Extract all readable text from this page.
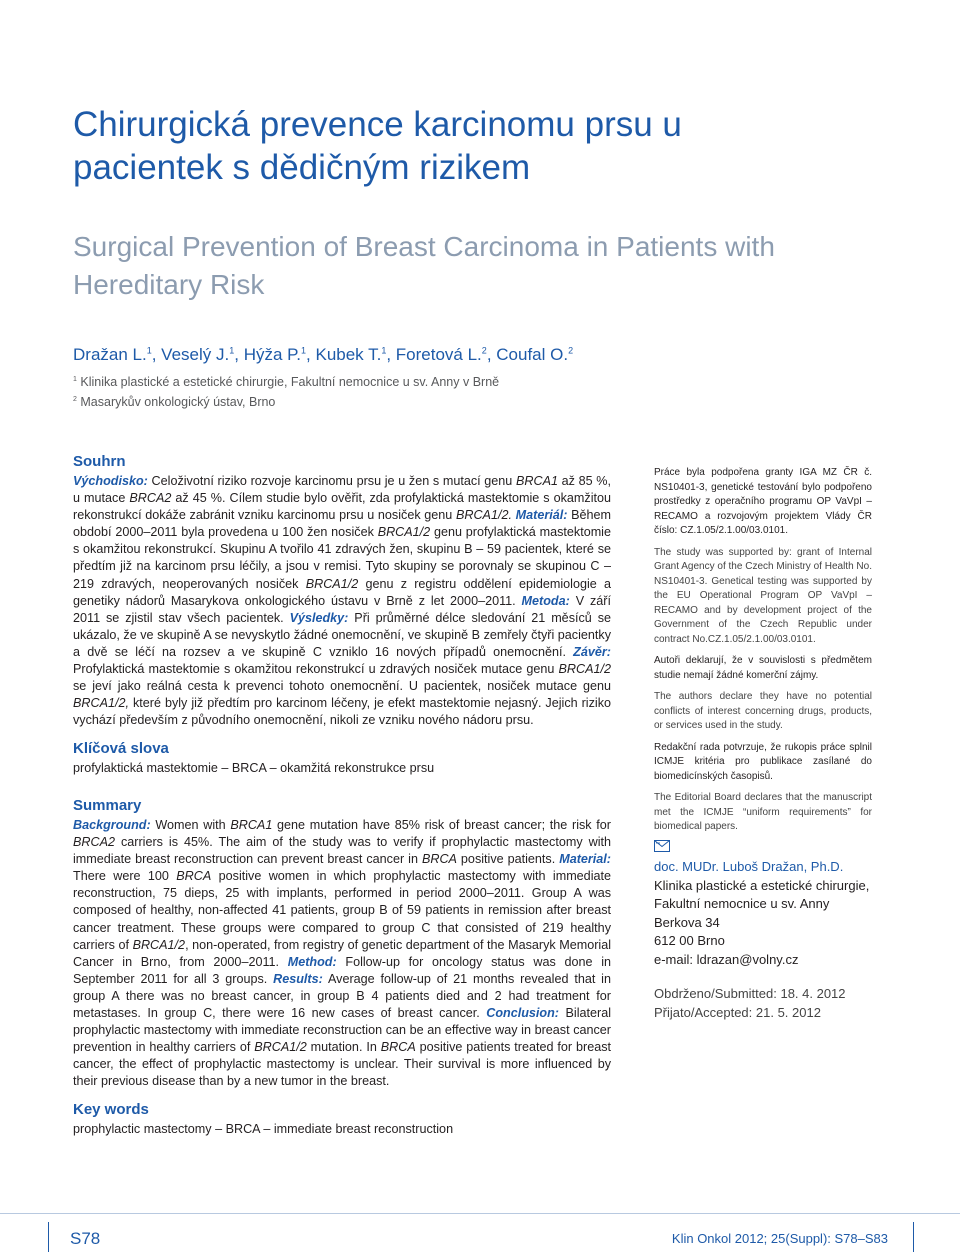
Chirurgická prevence karcinomu prsu u pacientek s dědičným rizikem
Surgical Prevention of Breast Carcinoma in Patients with Hereditary Risk

Dražan L.$^1$, Veselý J.$^1$, Hýža P.$^1$, Kubek T.$^1$, Foretová L.$^2$, Coufal O.$^2$

$^1$ Klinika plastické a estetické chirurgie, Fakultní nemocnice u sv. Anny v Brně
$^2$ Masarykův onkologický ústav, Brno
Souhrn

Východisko: Celoživotní riziko rozvoje karcinomu prsu je u žen s mutací genu BRCA1 až 85 %, u mutace BRCA2 až 45 %. Cílem studie bylo ověřit, zda profylaktická mastektomie s okamžitou rekonstrukcí dokáže zabránit vzniku karcinomu prsu u nosiček genu BRCA1/2. Materiál: Během období 2000–2011 byla provedena u 100 žen nosiček BRCA1/2 genu profylaktická mastektomie s okamžitou rekonstrukcí. Skupinu A tvořilo 41 zdravých žen, skupinu B – 59 pacientek, které se předtím již na karcinom prsu léčily, a jsou v remisi. Tyto skupiny se porovnaly se skupinou C – 219 zdravých, neoperovaných nosiček BRCA1/2 genu z registru oddělení epidemiologie a genetiky nádorů Masarykova onkologického ústavu v Brně z let 2000–2011. Metoda: V září 2011 se zjistil stav všech pacientek. Výsledky: Při průměrné délce sledování 21 měsíců se ukázalo, že ve skupině A se nevyskytlo žádné onemocnění, ve skupině B zemřely čtyři pacientky a dvě se léčí na rozsev a ve skupině C vzniklo 16 nových případů onemocnění. Závěr: Profylaktická mastektomie s okamžitou rekonstrukcí u zdravých nosiček mutace genu BRCA1/2 se jeví jako reálná cesta k prevenci tohoto onemocnění. U pacientek, nosiček mutace genu BRCA1/2, které byly již předtím pro karcinom léčeny, je efekt mastektomie nejasný. Jejich riziko vychází především z původního onemocnění, nikoli ze vzniku nového nádoru prsu.

Klíčová slova

profylaktická mastektomie – BRCA – okamžitá rekonstrukce prsu

Summary

Background: Women with BRCA1 gene mutation have 85% risk of breast cancer; the risk for BRCA2 carriers is 45%. The aim of the study was to verify if prophylactic mastectomy with immediate breast reconstruction can prevent breast cancer in BRCA positive patients. Material: There were 100 BRCA positive women in which prophylactic mastectomy with immediate reconstruction, 75 dieps, 25 with implants, performed in period 2000–2011. Group A was composed of healthy, non-affected 41 patients, group B of 59 patients in remission after breast cancer treatment. These groups were compared to group C that consisted of 219 healthy carriers of BRCA1/2, non-operated, from registry of genetic department of the Masaryk Memorial Cancer in Brno, from 2000–2011. Method: Follow-up for oncology status was done in September 2011 for all 3 groups. Results: Average follow-up of 21 months revealed that in group A there was no breast cancer, in group B 4 patients died and 2 had treatment for metastases. In group C, there were 16 new cases of breast cancer. Conclusion: Bilateral prophylactic mastectomy with immediate reconstruction can be an effective way in breast cancer prevention in healthy carriers of BRCA1/2 mutation. In BRCA positive patients treated for breast cancer, the effect of prophylactic mastectomy is unclear. Their survival is more influenced by their previous disease than by a new tumor in the breast.

Key words

prophylactic mastectomy – BRCA – immediate breast reconstruction

Práce byla podpořena granty IGA MZ ČR č. NS10401-3, genetické testování bylo podpořeno prostředky z operačního programu OP VaVpI – RECAMO a rozvojovým projektem Vlády ČR číslo: CZ.1.05/2.1.00/03.0101.

The study was supported by: grant of Internal Grant Agency of the Czech Ministry of Health No. NS10401-3. Genetical testing was supported by the EU Operational Program OP VaVpI – RECAMO and by development project of the Government of the Czech Republic under contract No.CZ.1.05/2.1.00/03.0101.

Autoři deklarují, že v souvislosti s předmětem studie nemají žádné komerční zájmy.

The authors declare they have no potential conflicts of interest concerning drugs, products, or services used in the study.

Redakční rada potvrzuje, že rukopis práce splnil ICMJE kritéria pro publikace zasílané do biomedicínských časopisů.

The Editorial Board declares that the manuscript met the ICMJE “uniform requirements” for biomedical papers.

doc. MUDr. Luboš Dražan, Ph.D.
Klinika plastické a estetické chirurgie,
Fakultní nemocnice u sv. Anny
Berkova 34
612 00 Brno
e-mail: ldrazan@volny.cz
Obdrženo/Submitted: 18. 4. 2012
Přijato/Accepted: 21. 5. 2012
S78	Klin Onkol 2012; 25(Suppl): S78–S83
